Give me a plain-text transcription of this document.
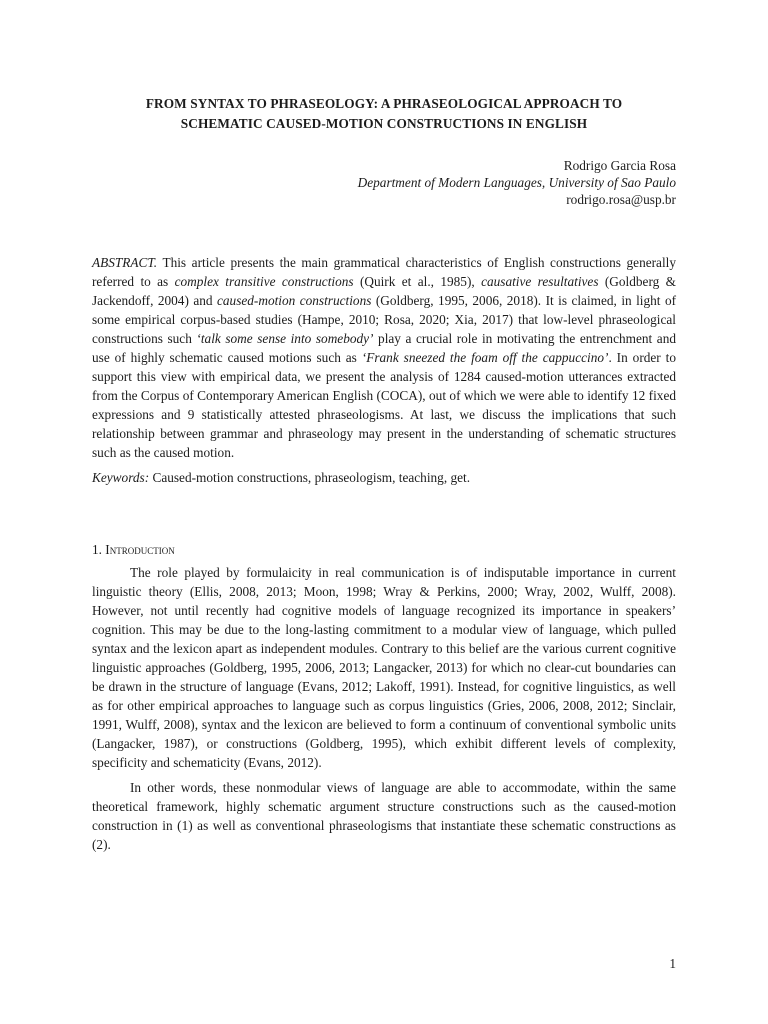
FROM SYNTAX TO PHRASEOLOGY: A PHRASEOLOGICAL APPROACH TO
SCHEMATIC CAUSED-MOTION CONSTRUCTIONS IN ENGLISH

Rodrigo Garcia Rosa
Department of Modern Languages, University of Sao Paulo
rodrigo.rosa@usp.br
ABSTRACT. This article presents the main grammatical characteristics of English constructions generally referred to as complex transitive constructions (Quirk et al., 1985), causative resultatives (Goldberg & Jackendoff, 2004) and caused-motion constructions (Goldberg, 1995, 2006, 2018). It is claimed, in light of some empirical corpus-based studies (Hampe, 2010; Rosa, 2020; Xia, 2017) that low-level phraseological constructions such ‘talk some sense into somebody’ play a crucial role in motivating the entrenchment and use of highly schematic caused motions such as ‘Frank sneezed the foam off the cappuccino’. In order to support this view with empirical data, we present the analysis of 1284 caused-motion utterances extracted from the Corpus of Contemporary American English (COCA), out of which we were able to identify 12 fixed expressions and 9 statistically attested phraseologisms. At last, we discuss the implications that such relationship between grammar and phraseology may present in the understanding of schematic structures such as the caused motion.
Keywords: Caused-motion constructions, phraseologism, teaching, get.
1. Introduction

The role played by formulaicity in real communication is of indisputable importance in current linguistic theory (Ellis, 2008, 2013; Moon, 1998; Wray & Perkins, 2000; Wray, 2002, Wulff, 2008). However, not until recently had cognitive models of language recognized its importance in speakers’ cognition. This may be due to the long-lasting commitment to a modular view of language, which pulled syntax and the lexicon apart as independent modules. Contrary to this belief are the various current cognitive linguistic approaches (Goldberg, 1995, 2006, 2013; Langacker, 2013) for which no clear-cut boundaries can be drawn in the structure of language (Evans, 2012; Lakoff, 1991). Instead, for cognitive linguistics, as well as for other empirical approaches to language such as corpus linguistics (Gries, 2006, 2008, 2012; Sinclair, 1991, Wulff, 2008), syntax and the lexicon are believed to form a continuum of conventional symbolic units (Langacker, 1987), or constructions (Goldberg, 1995), which exhibit different levels of complexity, specificity and schematicity (Evans, 2012).

In other words, these nonmodular views of language are able to accommodate, within the same theoretical framework, highly schematic argument structure constructions such as the caused-motion construction in (1) as well as conventional phraseologisms that instantiate these schematic constructions as (2).

1
